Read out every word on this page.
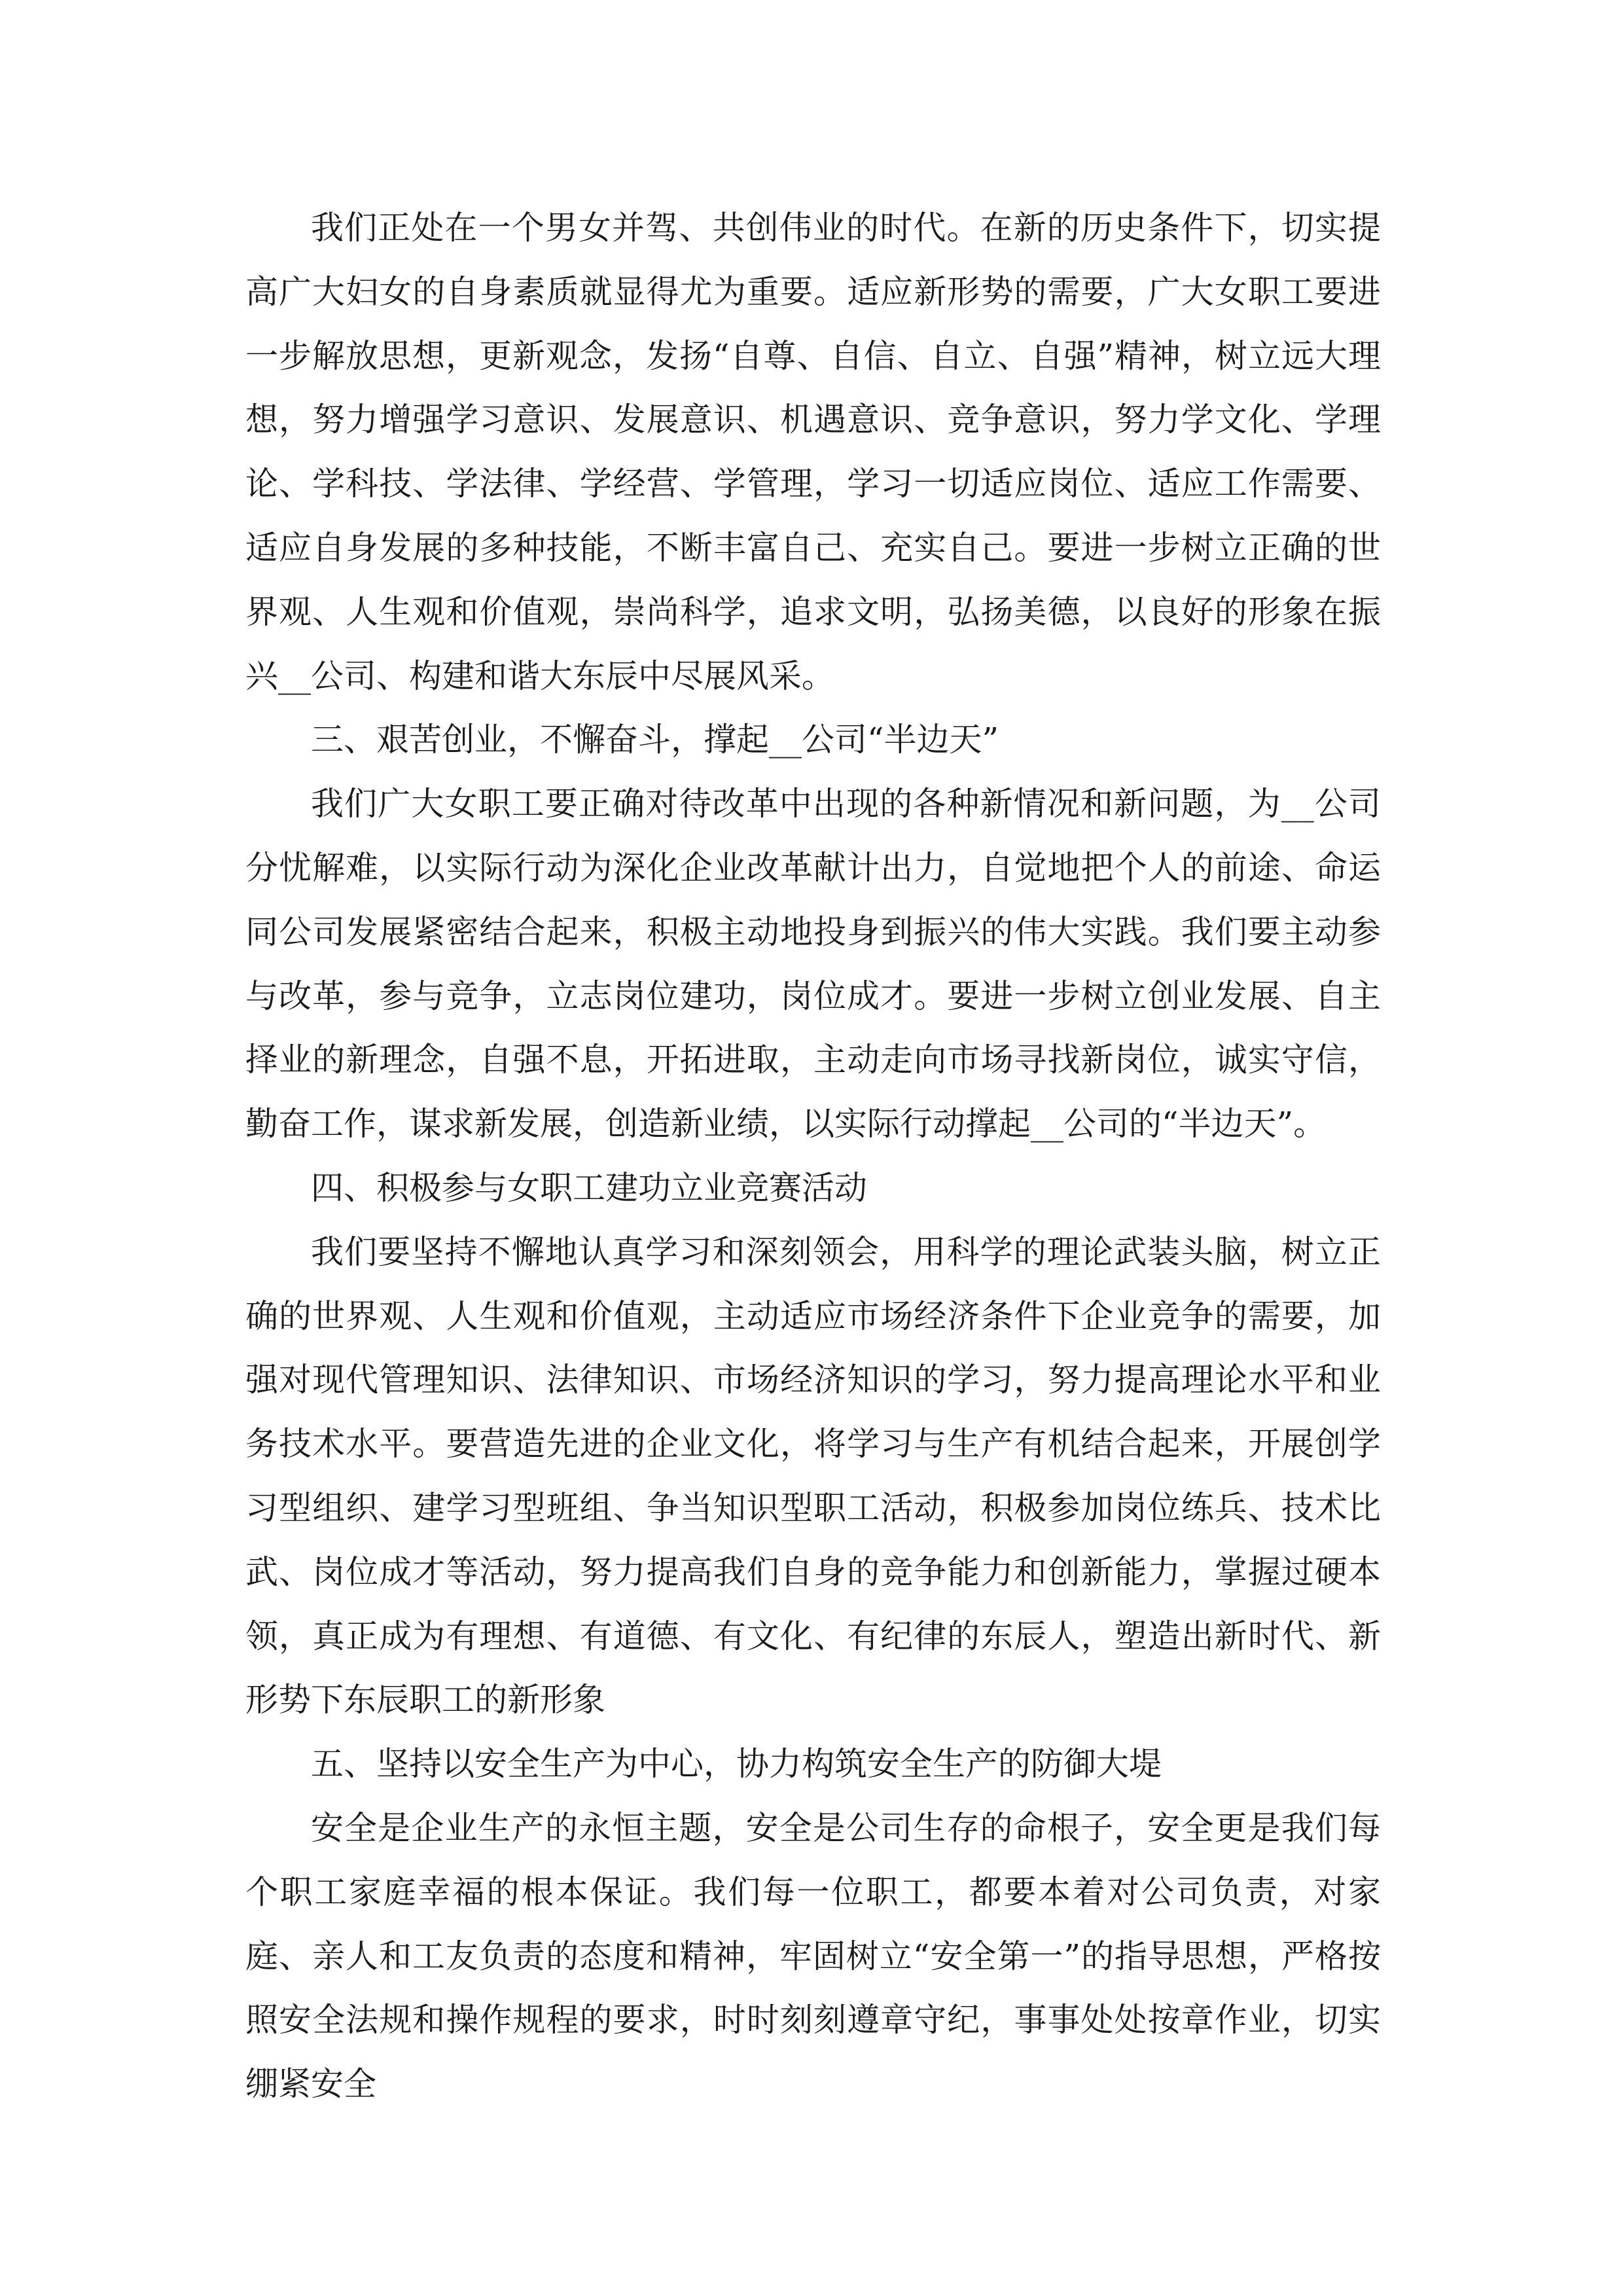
我们正处在一个男女并驾、共创伟业的时代。在新的历史条件下，切实提高广大妇女的自身素质就显得尤为重要。适应新形势的需要，广大女职工要进一步解放思想，更新观念，发扬“自尊、自信、自立、自强”精神，树立远大理想，努力增强学习意识、发展意识、机遇意识、竞争意识，努力学文化、学理论、学科技、学法律、学经营、学管理，学习一切适应岗位、适应工作需要、适应自身发展的多种技能，不断丰富自己、充实自己。要进一步树立正确的世界观、人生观和价值观，崇尚科学，追求文明，弘扬美德，以良好的形象在振兴__公司、构建和谐大东辰中尽展风采。

三、艰苦创业，不懈奋斗，撑起__公司“半边天”

我们广大女职工要正确对待改革中出现的各种新情况和新问题，为__公司分忧解难，以实际行动为深化企业改革献计出力，自觉地把个人的前途、命运同公司发展紧密结合起来，积极主动地投身到振兴的伟大实践。我们要主动参与改革，参与竞争，立志岗位建功，岗位成才。要进一步树立创业发展、自主择业的新理念，自强不息，开拓进取，主动走向市场寻找新岗位，诚实守信，勤奋工作，谋求新发展，创造新业绩，以实际行动撑起__公司的“半边天”。

四、积极参与女职工建功立业竞赛活动

我们要坚持不懈地认真学习和深刻领会，用科学的理论武装头脑，树立正确的世界观、人生观和价值观，主动适应市场经济条件下企业竞争的需要，加强对现代管理知识、法律知识、市场经济知识的学习，努力提高理论水平和业务技术水平。要营造先进的企业文化，将学习与生产有机结合起来，开展创学习型组织、建学习型班组、争当知识型职工活动，积极参加岗位练兵、技术比武、岗位成才等活动，努力提高我们自身的竞争能力和创新能力，掌握过硬本领，真正成为有理想、有道德、有文化、有纪律的东辰人，塑造出新时代、新形势下东辰职工的新形象

五、坚持以安全生产为中心，协力构筑安全生产的防御大堤

安全是企业生产的永恒主题，安全是公司生存的命根子，安全更是我们每个职工家庭幸福的根本保证。我们每一位职工，都要本着对公司负责，对家庭、亲人和工友负责的态度和精神，牢固树立“安全第一”的指导思想，严格按照安全法规和操作规程的要求，时时刻刻遵章守纪，事事处处按章作业，切实绷紧安全
